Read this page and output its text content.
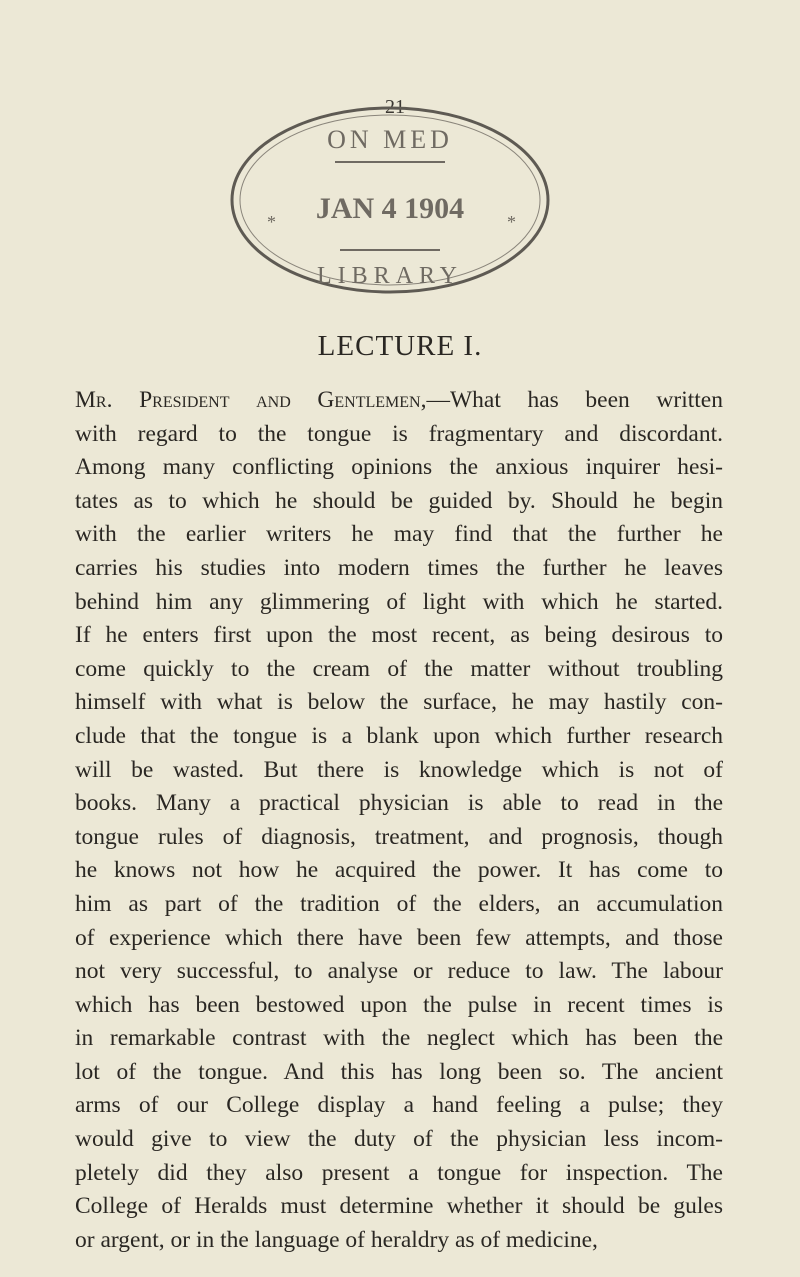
21
ON MED
JAN 4 1904
*	*
LIBRARY
LECTURE I.
Mr. President and Gentlemen,—What has been written
with regard to the tongue is fragmentary and discordant.
Among many conflicting opinions the anxious inquirer hesi-
tates as to which he should be guided by. Should he begin
with the earlier writers he may find that the further he
carries his studies into modern times the further he leaves
behind him any glimmering of light with which he started.
If he enters first upon the most recent, as being desirous to
come quickly to the cream of the matter without troubling
himself with what is below the surface, he may hastily con-
clude that the tongue is a blank upon which further research
will be wasted. But there is knowledge which is not of
books. Many a practical physician is able to read in the
tongue rules of diagnosis, treatment, and prognosis, though
he knows not how he acquired the power. It has come to
him as part of the tradition of the elders, an accumulation
of experience which there have been few attempts, and those
not very successful, to analyse or reduce to law. The labour
which has been bestowed upon the pulse in recent times is
in remarkable contrast with the neglect which has been the
lot of the tongue. And this has long been so. The ancient
arms of our College display a hand feeling a pulse; they
would give to view the duty of the physician less incom-
pletely did they also present a tongue for inspection. The
College of Heralds must determine whether it should be gules
or argent, or in the language of heraldry as of medicine,
